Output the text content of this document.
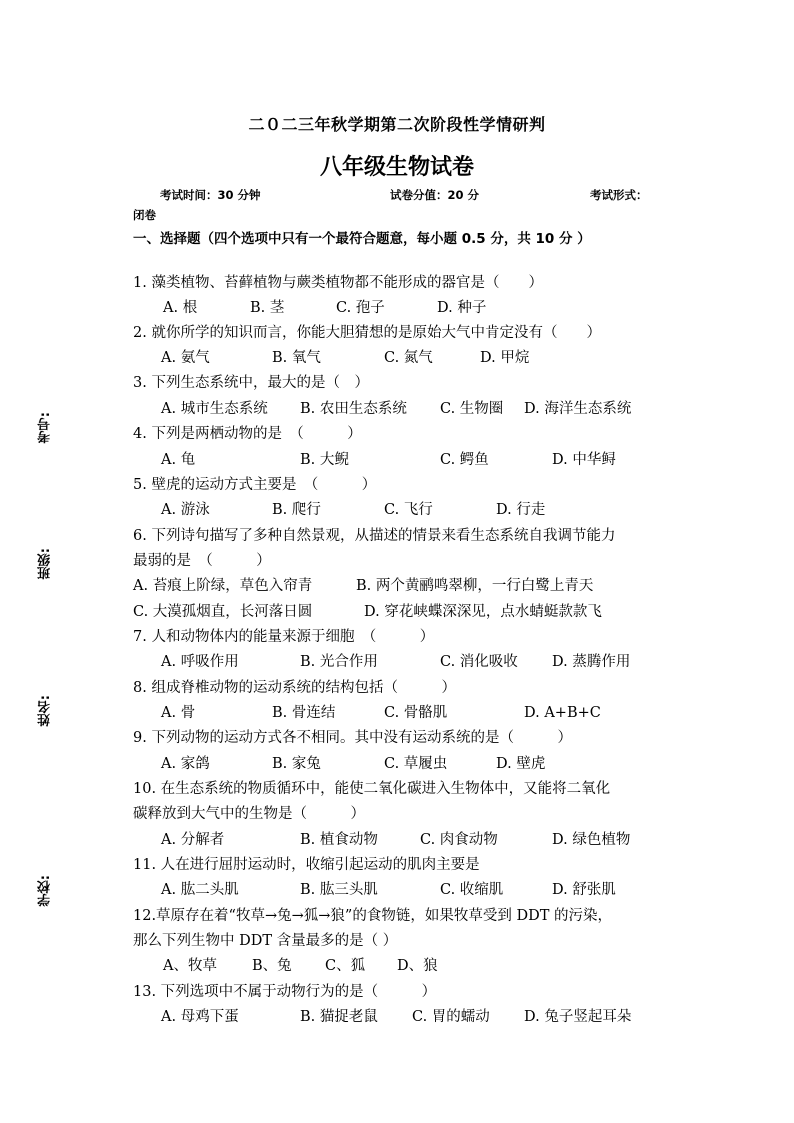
二０二三年秋学期第二次阶段性学情研判
八年级生物试卷
考试时间：30 分钟	试卷分值：20 分	考试形式：
闭卷
一、选择题（四个选项中只有一个最符合题意，每小题 0.5 分，共 10 分 ）
考号:
班级:
姓名:
学校:
1. 藻类植物、苔藓植物与蕨类植物都不能形成的器官是（　　）
A. 根	B. 茎	C. 孢子	D. 种子
2. 就你所学的知识而言，你能大胆猜想的是原始大气中肯定没有（　　）
A. 氨气	B. 氧气	C. 氮气	D. 甲烷
3. 下列生态系统中，最大的是（　）
A. 城市生态系统 B. 农田生态系统 C. 生物圈 D. 海洋生态系统
4. 下列是两栖动物的是　（　　　）
A. 龟	B. 大鲵	C. 鳄鱼	D. 中华鲟
5. 壁虎的运动方式主要是　（　　　）
A. 游泳	B. 爬行	C. 飞行	D. 行走
6. 下列诗句描写了多种自然景观，从描述的情景来看生态系统自我调节能力
最弱的是　（　　　）
A. 苔痕上阶绿，草色入帘青	B. 两个黄鹂鸣翠柳，一行白鹭上青天
C. 大漠孤烟直，长河落日圆	D. 穿花峡蝶深深见，点水蜻蜓款款飞
7. 人和动物体内的能量来源于细胞　（　　　）
A. 呼吸作用	B. 光合作用	C. 消化吸收 D. 蒸腾作用
8. 组成脊椎动物的运动系统的结构包括（　　　）
A. 骨	B. 骨连结	C. 骨骼肌	D. A+B+C
9. 下列动物的运动方式各不相同。其中没有运动系统的是（　　　）
A. 家鸽	B. 家兔	C. 草履虫	D. 壁虎
10. 在生态系统的物质循环中，能使二氧化碳进入生物体中，又能将二氧化
碳释放到大气中的生物是（　　　）
A. 分解者	B. 植食动物	C. 肉食动物	D. 绿色植物
11. 人在进行屈肘运动时，收缩引起运动的肌肉主要是
A. 肱二头肌	B. 肱三头肌	C. 收缩肌	D. 舒张肌
12.草原存在着“牧草→兔→狐→狼”的食物链，如果牧草受到 DDT 的污染，
那么下列生物中 DDT 含量最多的是（ ）
A、牧草 B、兔 C、狐 D、狼
13. 下列选项中不属于动物行为的是（　　　）
A. 母鸡下蛋	B. 猫捉老鼠 C. 胃的蠕动 D. 兔子竖起耳朵
